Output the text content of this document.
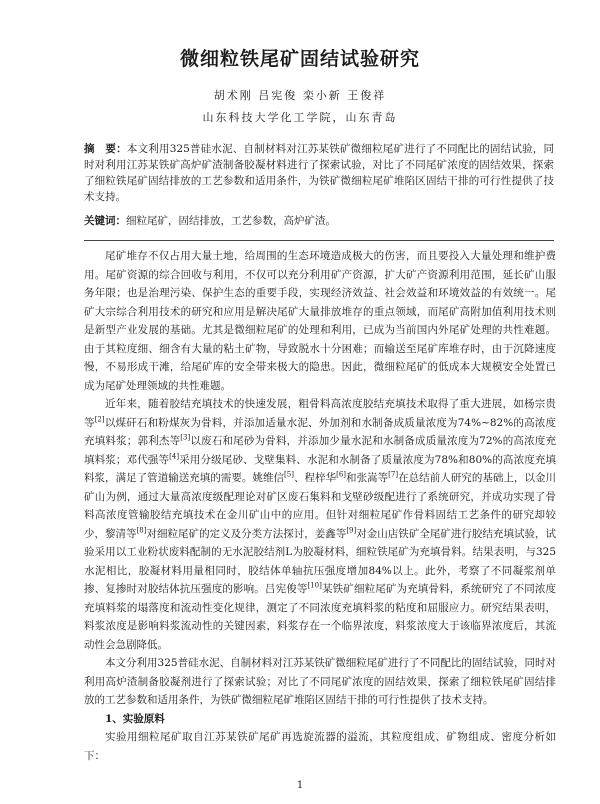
微细粒铁尾矿固结试验研究
胡术刚 吕宪俊 栾小新 王俊祥
山东科技大学化工学院，山东青岛

摘　要：本文利用325普硅水泥、自制材料对江苏某铁矿微细粒尾矿进行了不同配比的固结试验，同时对利用江苏某铁矿高炉矿渣制备胶凝材料进行了探索试验，对比了不同尾矿浓度的固结效果，探索了细粒铁尾矿固结排放的工艺参数和适用条件，为铁矿微细粒尾矿堆陷区固结干排的可行性提供了技术支持。

关键词：细粒尾矿，固结排放，工艺参数，高炉矿渣。

尾矿堆存不仅占用大量土地，给周围的生态环境造成极大的伤害，而且要投入大量处理和维护费用。尾矿资源的综合回收与利用，不仅可以充分利用矿产资源，扩大矿产资源利用范围，延长矿山服务年限；也是治理污染、保护生态的重要手段，实现经济效益、社会效益和环境效益的有效统一。尾矿大宗综合利用技术的研究和应用是解决尾矿大量排放堆存的重点领域，而尾矿高附加值利用技术则是新型产业发展的基础。尤其是微细粒尾矿的处理和利用，已成为当前国内外尾矿处理的共性难题。由于其粒度细、细含有大量的粘土矿物，导致脱水十分困难；而输送至尾矿库堆存时，由于沉降速度慢，不易形成干滩，给尾矿库的安全带来极大的隐患。因此，微细粒尾矿的低成本大规模安全处置已成为尾矿处理领域的共性难题。

近年来，随着胶结充填技术的快速发展，粗骨料高浓度胶结充填技术取得了重大进展，如杨宗贵等[2]以煤矸石和粉煤灰为骨料，并添加适量水泥、外加剂和水制备成质量浓度为74%~82%的高浓度充填料浆；郭利杰等[3]以废石和尾砂为骨料，并添加少量水泥和水制备成质量浓度为72%的高浓度充填料浆；邓代强等[4]采用分级尾砂、戈壁集料、水泥和水制备了质量浓度为78%和80%的高浓度充填料浆，满足了管道输送充填的需要。姚维信[5]、程梓华[6]和张嵩等[7]在总结前人研究的基础上，以金川矿山为例，通过大量高浓度级配理论对矿区废石集料和戈壁砂级配进行了系统研究，并成功实现了骨料高浓度管输胶结充填技术在金川矿山中的应用。但针对细粒尾矿作骨料固结工艺条件的研究却较少，黎清等[8]对细粒尾矿的定义及分类方法探讨，姜鑫等[9]对金山店铁矿全尾矿进行胶结充填试验，试验采用以工业粉状废料配制的无水泥胶结剂L为胶凝材料，细粒铁尾矿为充填骨料。结果表明，与325水泥相比，胶凝材料用量相同时，胶结体单轴抗压强度增加84%以上。此外，考察了不同凝浆剂单掺、复掺时对胶结体抗压强度的影响。吕宪俊等[10]某铁矿细粒尾矿为充填骨料，系统研究了不同浓度充填料浆的塌落度和流动性变化规律，测定了不同浓度充填料浆的粘度和屈服应力。研究结果表明，料浆浓度是影响料浆流动性的关键因素，料浆存在一个临界浓度，料浆浓度大于该临界浓度后，其流动性会急剧降低。

本文分利用325普硅水泥、自制材料对江苏某铁矿微细粒尾矿进行了不同配比的固结试验，同时对利用高炉渣制备胶凝剂进行了探索试验；对比了不同尾矿浓度的固结效果，探索了细粒铁尾矿固结排放的工艺参数和适用条件，为铁矿微细粒尾矿堆陷区固结干排的可行性提供了技术支持。

1、实验原料

实验用细粒尾矿取自江苏某铁矿尾矿再选旋流器的溢流，其粒度组成、矿物组成、密度分析如下：

1
